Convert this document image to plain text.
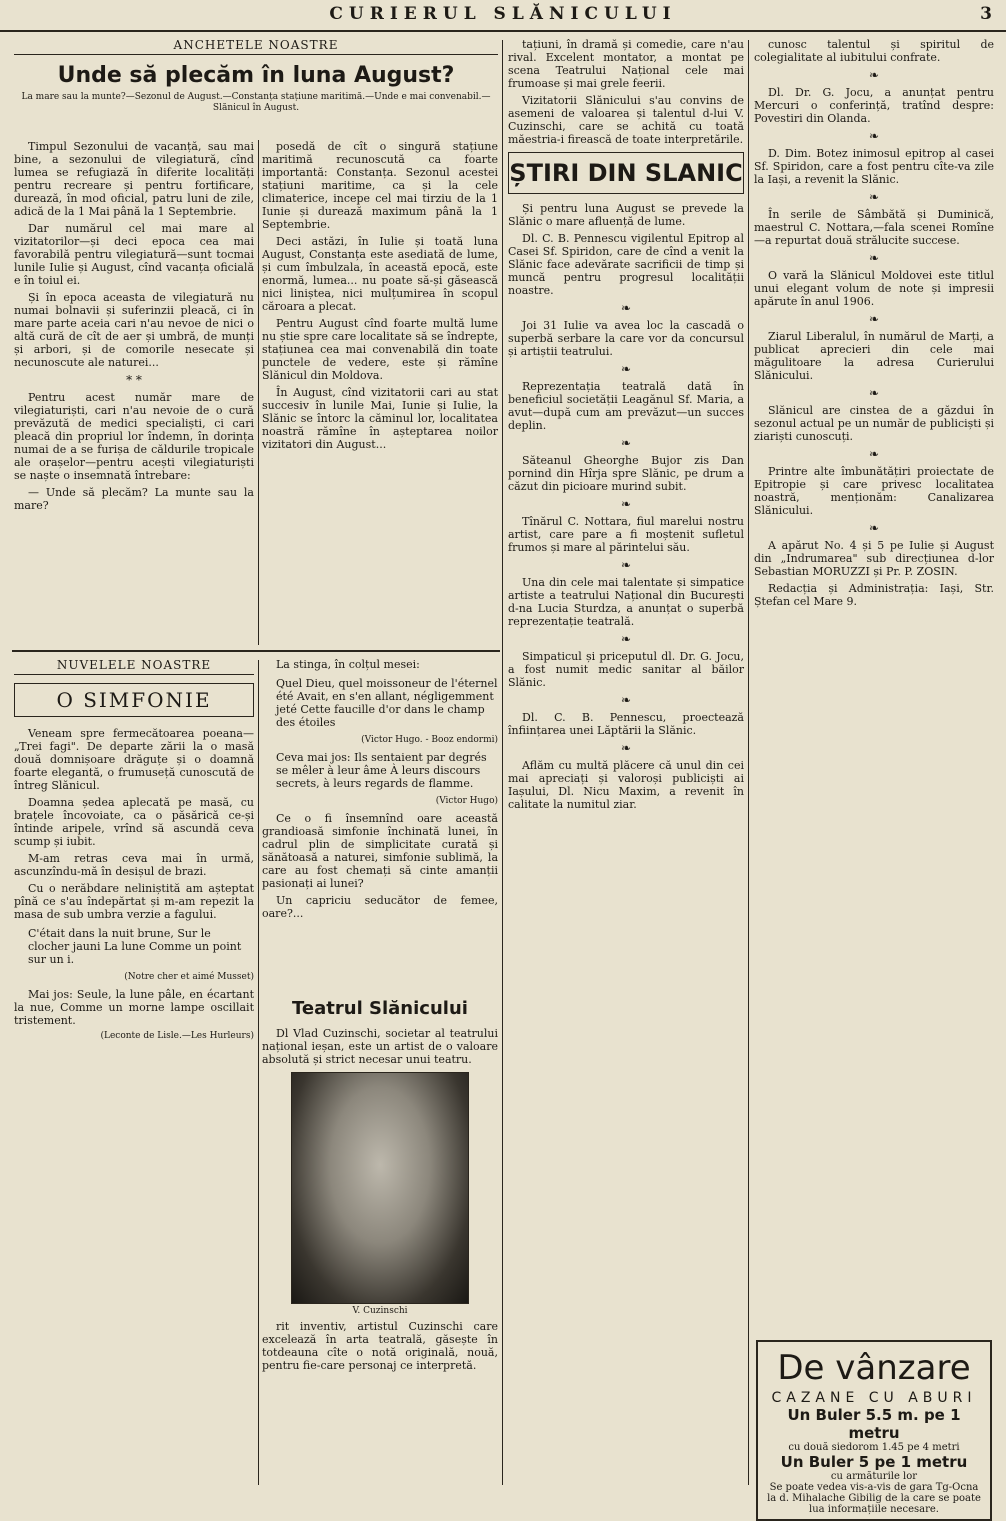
CURIERUL SLĂNICULUI	3
ANCHETELE NOASTRE
Unde să plecăm în luna August?
La mare sau la munte?—Sezonul de August.—Constanța stațiune maritimă.—Unde e mai convenabil.—Slănicul în August.

Timpul Sezonului de vacanță, sau mai bine, a sezonului de vilegiatură, cînd lumea se refugiază în diferite localități pentru recreare și pentru fortificare, durează, în mod oficial, patru luni de zile, adică de la 1 Mai până la 1 Septembrie.

Dar numărul cel mai mare al vizitatorilor—și deci epoca cea mai favorabilă pentru vilegiatură—sunt tocmai lunile Iulie și August, cînd vacanța oficială e în toiul ei.

Și în epoca aceasta de vilegiatură nu numai bolnavii și suferinzii pleacă, ci în mare parte aceia cari n'au nevoe de nici o altă cură de cît de aer și umbră, de munți și arbori, și de comorile nesecate și necunoscute ale naturei...

* *

Pentru acest număr mare de vilegiaturiști, cari n'au nevoie de o cură prevăzută de medici specialiști, ci cari pleacă din propriul lor îndemn, în dorința numai de a se furișa de căldurile tropicale ale orașelor—pentru acești vilegiaturiști se naște o insemnată întrebare:

— Unde să plecăm? La munte sau la mare?

posedă de cît o singură stațiune maritimă recunoscută ca foarte importantă: Constanța. Sezonul acestei stațiuni maritime, ca și la cele climaterice, incepe cel mai tirziu de la 1 Iunie și durează maximum până la 1 Septembrie.

Deci astăzi, în Iulie și toată luna August, Constanța este asediată de lume, și cum îmbulzala, în această epocă, este enormă, lumea... nu poate să-și găsească nici liniștea, nici mulțumirea în scopul căroara a plecat.

Pentru August cînd foarte multă lume nu știe spre care localitate să se îndrepte, stațiunea cea mai convenabilă din toate punctele de vedere, este și rămîne Slănicul din Moldova.

În August, cînd vizitatorii cari au stat succesiv în lunile Mai, Iunie și Iulie, la Slănic se întorc la căminul lor, localitatea noastră rămîne în așteptarea noilor vizitatori din August...

NUVELELE NOASTRE
O SIMFONIE

Veneam spre fermecătoarea poeana—„Trei fagi". De departe zării la o masă două domnișoare drăguțe și o doamnă foarte elegantă, o frumuseță cunoscută de întreg Slănicul.

Doamna ședea aplecată pe masă, cu brațele încovoiate, ca o păsărică ce-și întinde aripele, vrînd să ascundă ceva scump și iubit.

M-am retras ceva mai în urmă, ascunzîndu-mă în desișul de brazi.

Cu o nerăbdare neliniștită am așteptat pînă ce s'au îndepărtat și m-am repezit la masa de sub umbra verzie a fagului.

C'était dans la nuit brune, Sur le clocher jauni La lune Comme un point sur un i.
(Notre cher et aimé Musset)

Mai jos: Seule, la lune pâle, en écartant la nue, Comme un morne lampe oscillait tristement.

(Leconte de Lisle.—Les Hurleurs)

La stinga, în colțul mesei:

Quel Dieu, quel moissoneur de l'éternel été Avait, en s'en allant, négligemment jeté Cette faucille d'or dans le champ des étoiles
(Victor Hugo. - Booz endormi)
Ceva mai jos: Ils sentaient par degrés se mêler à leur âme À leurs discours secrets, à leurs regards de flamme.
(Victor Hugo)

Ce o fi însemnînd oare această grandioasă simfonie închinată lunei, în cadrul plin de simplicitate curată și sănătoasă a naturei, simfonie sublimă, la care au fost chemați să cinte amanții pasionați ai lunei?

Un capriciu seducător de femee, oare?...

Teatrul Slănicului

Dl Vlad Cuzinschi, societar al teatrului național ieșan, este un artist de o valoare absolută și strict necesar unui teatru.

V. Cuzinschi

rit inventiv, artistul Cuzinschi care excelează în arta teatrală, găsește în totdeauna cîte o notă originală, nouă, pentru fie-care personaj ce interpretă.

tațiuni, în dramă și comedie, care n'au rival. Excelent montator, a montat pe scena Teatrului Național cele mai frumoase și mai grele feerii.

Vizitatorii Slănicului s'au convins de asemeni de valoarea și talentul d-lui V. Cuzinschi, care se achită cu toată măestria-i firească de toate interpretările.

ȘTIRI DIN SLANIC

Și pentru luna August se prevede la Slănic o mare afluență de lume.

Dl. C. B. Pennescu vigilentul Epitrop al Casei Sf. Spiridon, care de cînd a venit la Slănic face adevărate sacrificii de timp și muncă pentru progresul localității noastre.

❧

Joi 31 Iulie va avea loc la cascadă o superbă serbare la care vor da concursul și artiștii teatrului.

❧

Reprezentația teatrală dată în beneficiul societății Leagănul Sf. Maria, a avut—după cum am prevăzut—un succes deplin.

❧

Săteanul Gheorghe Bujor zis Dan pornind din Hîrja spre Slănic, pe drum a căzut din picioare murind subit.

❧

Tînărul C. Nottara, fiul marelui nostru artist, care pare a fi moștenit sufletul frumos și mare al părintelui său.

❧

Una din cele mai talentate și simpatice artiste a teatrului Național din București d-na Lucia Sturdza, a anunțat o superbă reprezentație teatrală.

❧

Simpaticul și priceputul dl. Dr. G. Jocu, a fost numit medic sanitar al băilor Slănic.

❧

Dl. C. B. Pennescu, proectează înființarea unei Lăptării la Slănic.

❧

Aflăm cu multă plăcere că unul din cei mai apreciați și valoroși publiciști ai Iașului, Dl. Nicu Maxim, a revenit în calitate la numitul ziar.

cunosc talentul și spiritul de colegialitate al iubitului confrate.

❧

Dl. Dr. G. Jocu, a anunțat pentru Mercuri o conferință, tratînd despre: Povestiri din Olanda.

❧

D. Dim. Botez inimosul epitrop al casei Sf. Spiridon, care a fost pentru cîte-va zile la Iași, a revenit la Slănic.

❧

În serile de Sâmbătă și Duminică, maestrul C. Nottara,—fala scenei Romîne—a repurtat două strălucite succese.

❧

O vară la Slănicul Moldovei este titlul unui elegant volum de note și impresii apărute în anul 1906.

❧

Ziarul Liberalul, în numărul de Marți, a publicat aprecieri din cele mai măgulitoare la adresa Curierului Slănicului.

❧

Slănicul are cinstea de a găzdui în sezonul actual pe un număr de publiciști și ziariști cunoscuți.

❧

Printre alte îmbunătățiri proiectate de Epitropie și care privesc localitatea noastră, menționăm: Canalizarea Slănicului.

❧

A apărut No. 4 și 5 pe Iulie și August din „Indrumarea" sub direcțiunea d-lor Sebastian MORUZZI și Pr. P. ZOSIN.

Redacția și Administrația: Iași, Str. Ștefan cel Mare 9.

De vânzare
CAZANE CU ABURI
Un Buler 5.5 m. pe 1 metru
cu două siedorom 1.45 pe 4 metri
Un Buler 5 pe 1 metru
cu armăturile lor
Se poate vedea vis-a-vis de gara Tg-Ocna la d. Mihalache Gibilig de la care se poate lua informațiile necesare.
